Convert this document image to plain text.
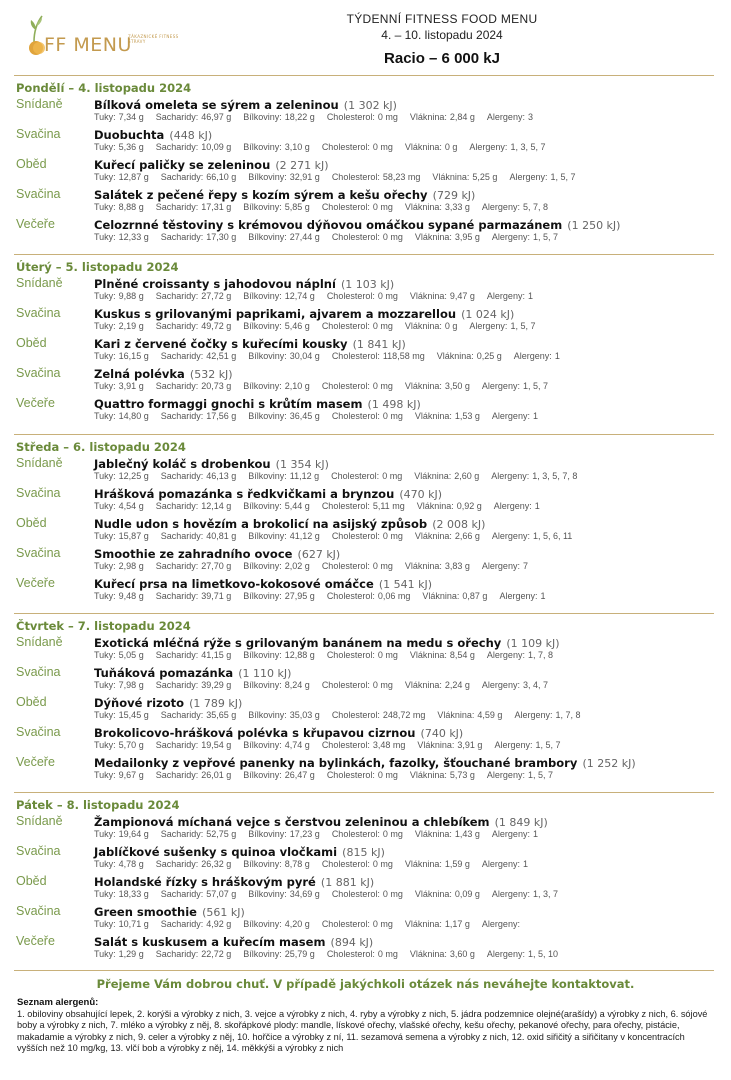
FF MENU
ZÁKAZNICKÉ FITNESS STRAVY
TÝDENNÍ FITNESS FOOD MENU
4. – 10. listopadu 2024
Racio – 6 000 kJ
Pondělí – 4. listopadu 2024
Snídaně	Bílková omeleta se sýrem a zeleninou (1 302 kJ)
Tuky: 7,34 g Sacharidy: 46,97 g Bílkoviny: 18,22 g Cholesterol: 0 mg Vláknina: 2,84 g Alergeny: 3
Svačina	Duobuchta (448 kJ)
Tuky: 5,36 g Sacharidy: 10,09 g Bílkoviny: 3,10 g Cholesterol: 0 mg Vláknina: 0 g Alergeny: 1, 3, 5, 7
Oběd	Kuřecí paličky se zeleninou (2 271 kJ)
Tuky: 12,87 g Sacharidy: 66,10 g Bílkoviny: 32,91 g Cholesterol: 58,23 mg Vláknina: 5,25 g Alergeny: 1, 5, 7
Svačina	Salátek z pečené řepy s kozím sýrem a kešu ořechy (729 kJ)
Tuky: 8,88 g Sacharidy: 17,31 g Bílkoviny: 5,85 g Cholesterol: 0 mg Vláknina: 3,33 g Alergeny: 5, 7, 8
Večeře	Celozrnné těstoviny s krémovou dýňovou omáčkou sypané parmazánem (1 250 kJ)
Tuky: 12,33 g Sacharidy: 17,30 g Bílkoviny: 27,44 g Cholesterol: 0 mg Vláknina: 3,95 g Alergeny: 1, 5, 7
Úterý – 5. listopadu 2024
Snídaně	Plněné croissanty s jahodovou náplní (1 103 kJ)
Tuky: 9,88 g Sacharidy: 27,72 g Bílkoviny: 12,74 g Cholesterol: 0 mg Vláknina: 9,47 g Alergeny: 1
Svačina	Kuskus s grilovanými paprikami, ajvarem a mozzarellou (1 024 kJ)
Tuky: 2,19 g Sacharidy: 49,72 g Bílkoviny: 5,46 g Cholesterol: 0 mg Vláknina: 0 g Alergeny: 1, 5, 7
Oběd	Kari z červené čočky s kuřecími kousky (1 841 kJ)
Tuky: 16,15 g Sacharidy: 42,51 g Bílkoviny: 30,04 g Cholesterol: 118,58 mg Vláknina: 0,25 g Alergeny: 1
Svačina	Zelná polévka (532 kJ)
Tuky: 3,91 g Sacharidy: 20,73 g Bílkoviny: 2,10 g Cholesterol: 0 mg Vláknina: 3,50 g Alergeny: 1, 5, 7
Večeře	Quattro formaggi gnochi s krůtím masem (1 498 kJ)
Tuky: 14,80 g Sacharidy: 17,56 g Bílkoviny: 36,45 g Cholesterol: 0 mg Vláknina: 1,53 g Alergeny: 1
Středa – 6. listopadu 2024
Snídaně	Jablečný koláč s drobenkou (1 354 kJ)
Tuky: 12,25 g Sacharidy: 46,13 g Bílkoviny: 11,12 g Cholesterol: 0 mg Vláknina: 2,60 g Alergeny: 1, 3, 5, 7, 8
Svačina	Hrášková pomazánka s ředkvičkami a brynzou (470 kJ)
Tuky: 4,54 g Sacharidy: 12,14 g Bílkoviny: 5,44 g Cholesterol: 5,11 mg Vláknina: 0,92 g Alergeny: 1
Oběd	Nudle udon s hovězím a brokolicí na asijský způsob (2 008 kJ)
Tuky: 15,87 g Sacharidy: 40,81 g Bílkoviny: 41,12 g Cholesterol: 0 mg Vláknina: 2,66 g Alergeny: 1, 5, 6, 11
Svačina	Smoothie ze zahradního ovoce (627 kJ)
Tuky: 2,98 g Sacharidy: 27,70 g Bílkoviny: 2,02 g Cholesterol: 0 mg Vláknina: 3,83 g Alergeny: 7
Večeře	Kuřecí prsa na limetkovo-kokosové omáčce (1 541 kJ)
Tuky: 9,48 g Sacharidy: 39,71 g Bílkoviny: 27,95 g Cholesterol: 0,06 mg Vláknina: 0,87 g Alergeny: 1
Čtvrtek – 7. listopadu 2024
Snídaně	Exotická mléčná rýže s grilovaným banánem na medu s ořechy (1 109 kJ)
Tuky: 5,05 g Sacharidy: 41,15 g Bílkoviny: 12,88 g Cholesterol: 0 mg Vláknina: 8,54 g Alergeny: 1, 7, 8
Svačina	Tuňáková pomazánka (1 110 kJ)
Tuky: 7,98 g Sacharidy: 39,29 g Bílkoviny: 8,24 g Cholesterol: 0 mg Vláknina: 2,24 g Alergeny: 3, 4, 7
Oběd	Dýňové rizoto (1 789 kJ)
Tuky: 15,45 g Sacharidy: 35,65 g Bílkoviny: 35,03 g Cholesterol: 248,72 mg Vláknina: 4,59 g Alergeny: 1, 7, 8
Svačina	Brokolicovo-hrášková polévka s křupavou cizrnou (740 kJ)
Tuky: 5,70 g Sacharidy: 19,54 g Bílkoviny: 4,74 g Cholesterol: 3,48 mg Vláknina: 3,91 g Alergeny: 1, 5, 7
Večeře	Medailonky z vepřové panenky na bylinkách, fazolky, šťouchané brambory (1 252 kJ)
Tuky: 9,67 g Sacharidy: 26,01 g Bílkoviny: 26,47 g Cholesterol: 0 mg Vláknina: 5,73 g Alergeny: 1, 5, 7
Pátek – 8. listopadu 2024
Snídaně	Žampionová míchaná vejce s čerstvou zeleninou a chlebíkem (1 849 kJ)
Tuky: 19,64 g Sacharidy: 52,75 g Bílkoviny: 17,23 g Cholesterol: 0 mg Vláknina: 1,43 g Alergeny: 1
Svačina	Jablíčkové sušenky s quinoa vločkami (815 kJ)
Tuky: 4,78 g Sacharidy: 26,32 g Bílkoviny: 8,78 g Cholesterol: 0 mg Vláknina: 1,59 g Alergeny: 1
Oběd	Holandské řízky s hráškovým pyré (1 881 kJ)
Tuky: 18,33 g Sacharidy: 57,07 g Bílkoviny: 34,69 g Cholesterol: 0 mg Vláknina: 0,09 g Alergeny: 1, 3, 7
Svačina	Green smoothie (561 kJ)
Tuky: 10,71 g Sacharidy: 4,92 g Bílkoviny: 4,20 g Cholesterol: 0 mg Vláknina: 1,17 g Alergeny:
Večeře	Salát s kuskusem a kuřecím masem (894 kJ)
Tuky: 1,29 g Sacharidy: 22,72 g Bílkoviny: 25,79 g Cholesterol: 0 mg Vláknina: 3,60 g Alergeny: 1, 5, 10
Přejeme Vám dobrou chuť. V případě jakýchkoli otázek nás neváhejte kontaktovat.
Seznam alergenů:
1. obiloviny obsahující lepek, 2. korýši a výrobky z nich, 3. vejce a výrobky z nich, 4. ryby a výrobky z nich, 5. jádra podzemnice olejné(arašídy) a výrobky z nich, 6. sójové boby a výrobky z nich, 7. mléko a výrobky z něj, 8. skořápkové plody: mandle, lískové ořechy, vlašské ořechy, kešu ořechy, pekanové ořechy, para ořechy, pistácie, makadamie a výrobky z nich, 9. celer a výrobky z něj, 10. hořčice a výrobky z ní, 11. sezamová semena a výrobky z nich, 12. oxid siřičitý a siřičitany v koncentracích vyšších než 10 mg/kg, 13. vlčí bob a výrobky z něj, 14. měkkýši a výrobky z nich
